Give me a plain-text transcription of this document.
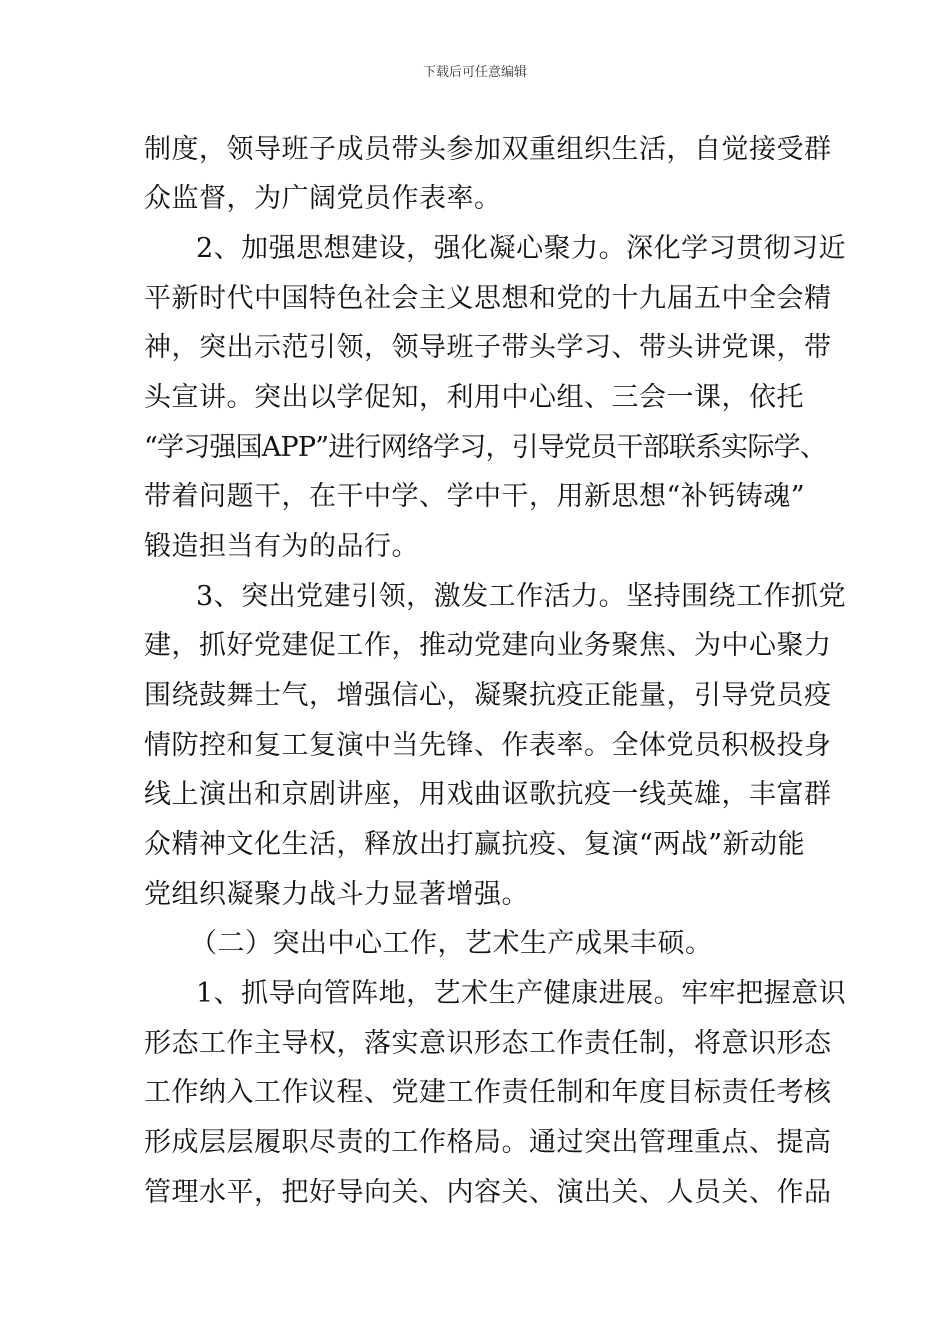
下载后可任意编辑
制度，领导班子成员带头参加双重组织生活，自觉接受群
众监督，为广阔党员作表率。
2、加强思想建设，强化凝心聚力。深化学习贯彻习近
平新时代中国特色社会主义思想和党的十九届五中全会精
神，突出示范引领，领导班子带头学习、带头讲党课，带
头宣讲。突出以学促知，利用中心组、三会一课，依托
“学习强国APP”进行网络学习，引导党员干部联系实际学、
带着问题干，在干中学、学中干，用新思想“补钙铸魂”
锻造担当有为的品行。
3、突出党建引领，激发工作活力。坚持围绕工作抓党
建，抓好党建促工作，推动党建向业务聚焦、为中心聚力
围绕鼓舞士气，增强信心，凝聚抗疫正能量，引导党员疫
情防控和复工复演中当先锋、作表率。全体党员积极投身
线上演出和京剧讲座，用戏曲讴歌抗疫一线英雄，丰富群
众精神文化生活，释放出打赢抗疫、复演“两战”新动能
党组织凝聚力战斗力显著增强。
（二）突出中心工作，艺术生产成果丰硕。
1、抓导向管阵地，艺术生产健康进展。牢牢把握意识
形态工作主导权，落实意识形态工作责任制，将意识形态
工作纳入工作议程、党建工作责任制和年度目标责任考核
形成层层履职尽责的工作格局。通过突出管理重点、提高
管理水平，把好导向关、内容关、演出关、人员关、作品
